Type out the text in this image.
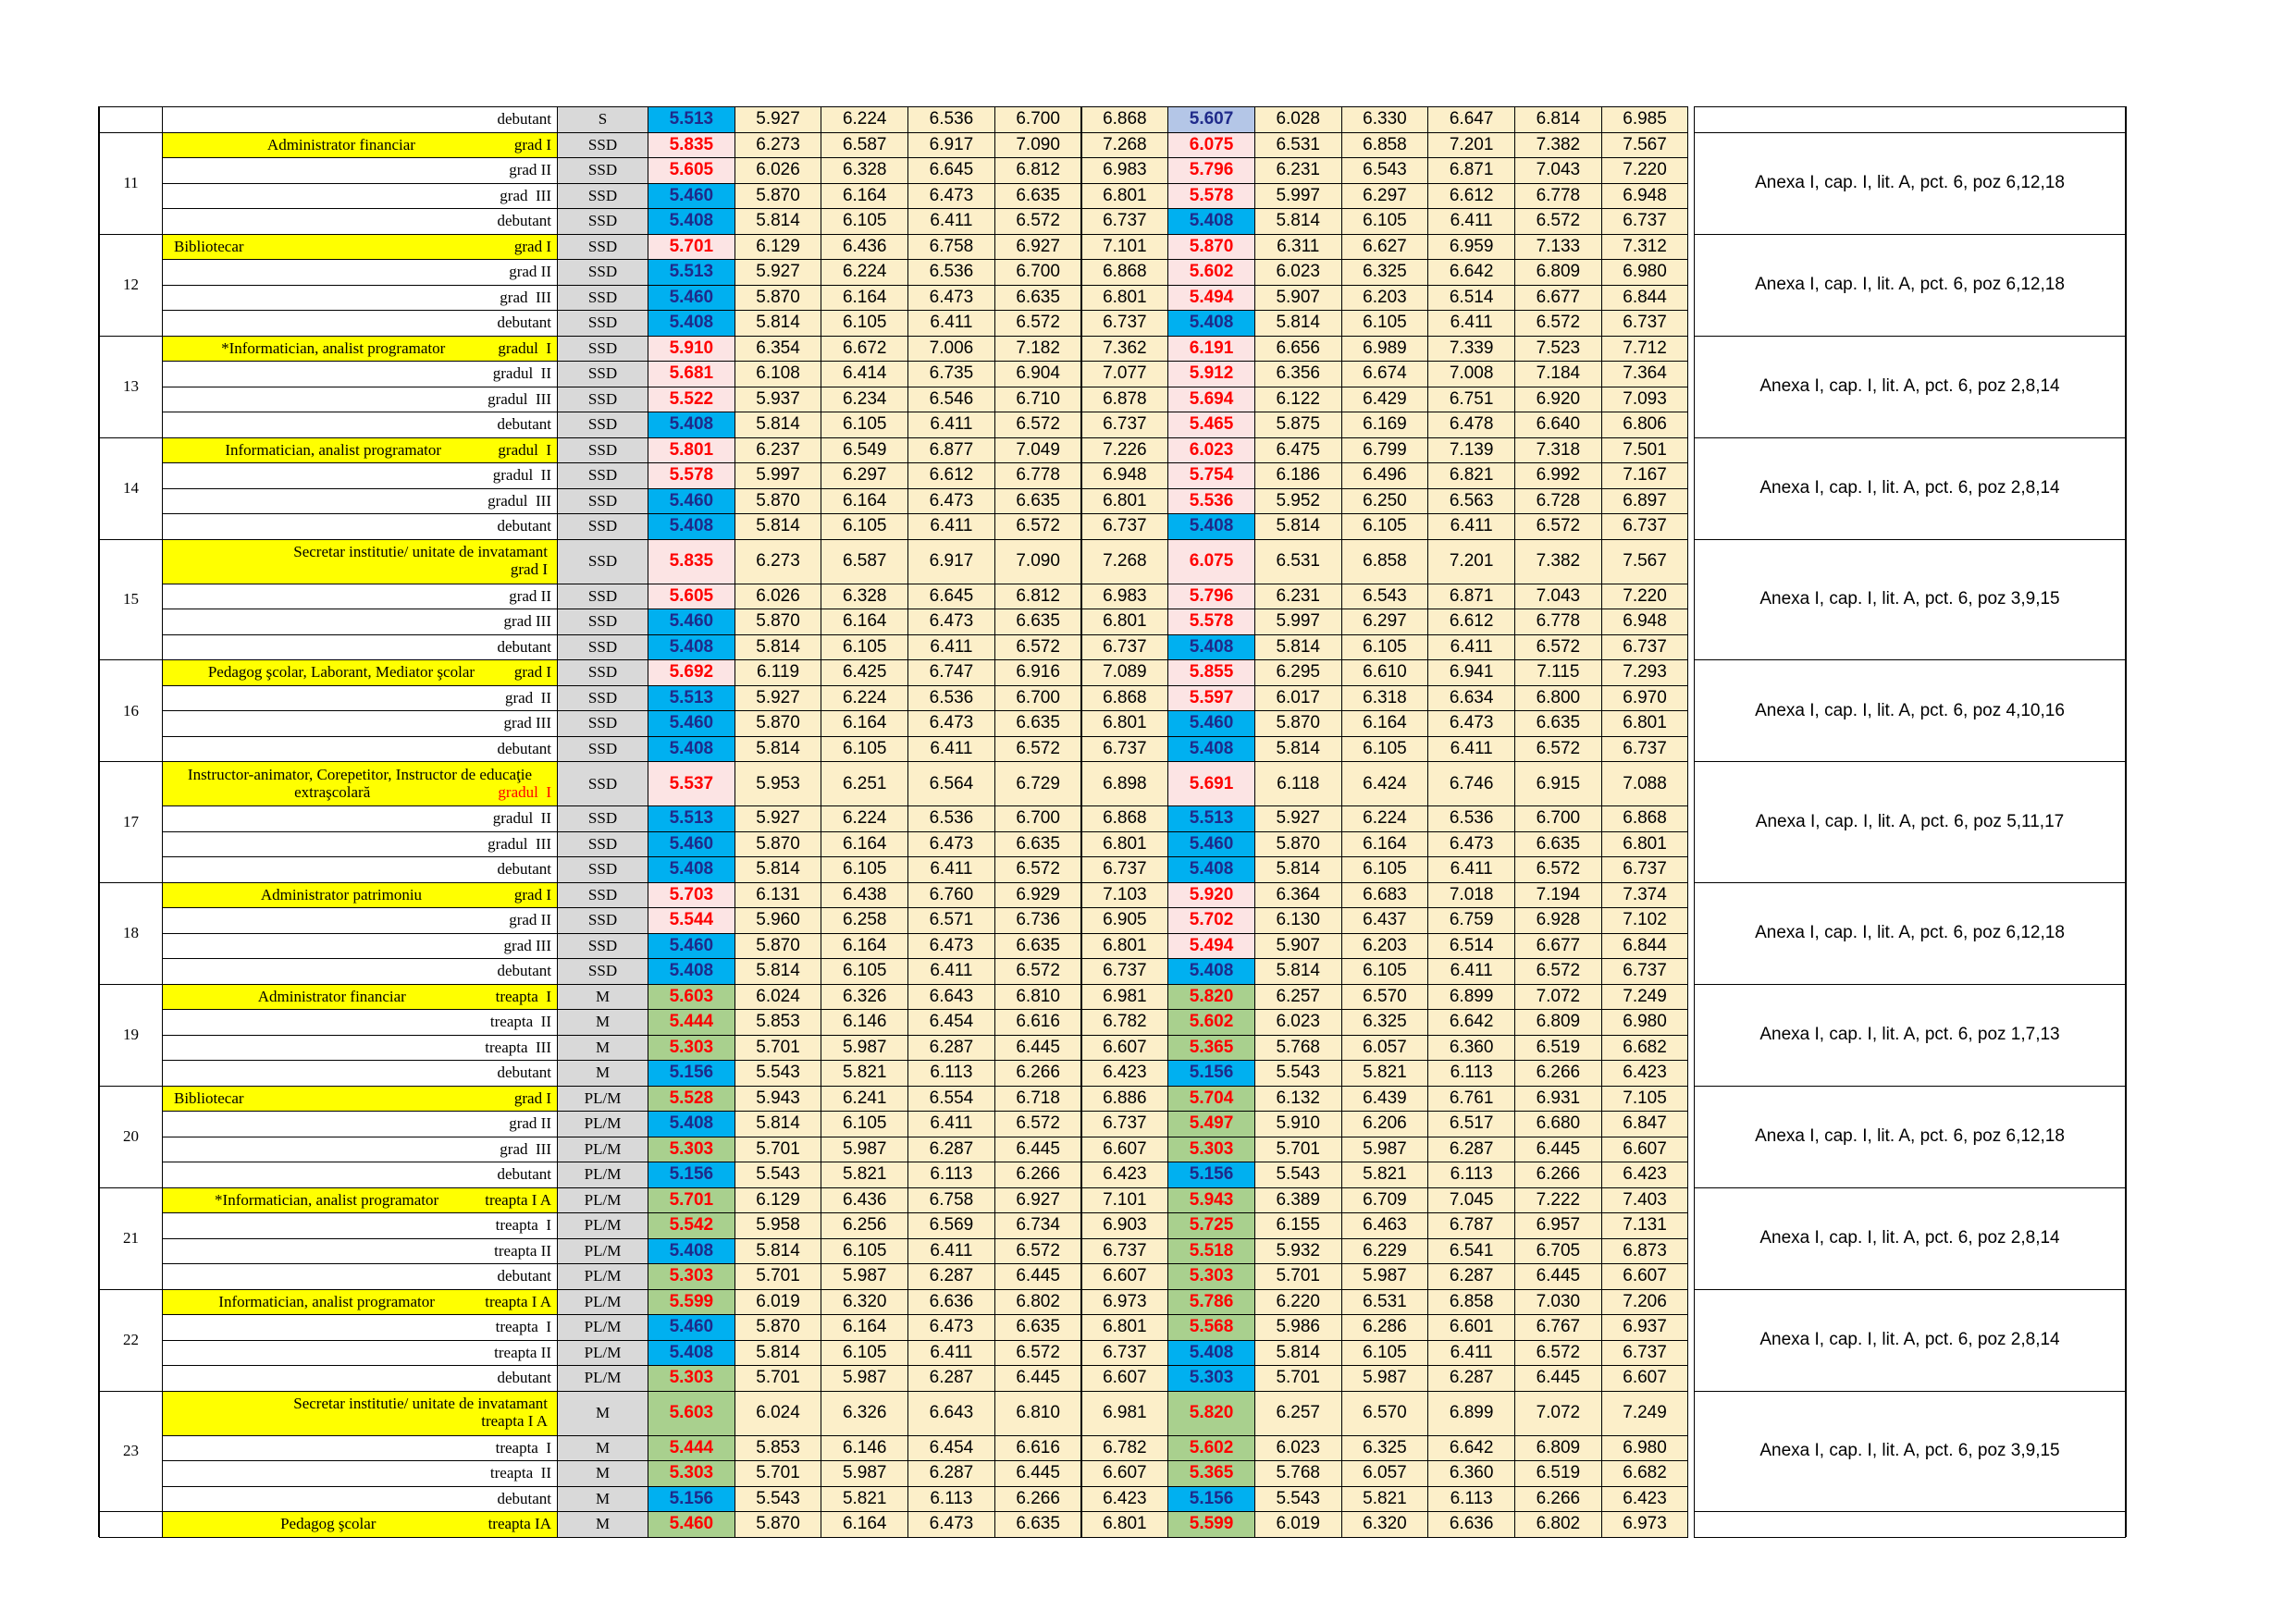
debutant	S	5.513 5.927 6.224 6.536 6.700 6.868 5.607 6.028 6.330 6.647 6.814 6.985
Administrator financiar	grad I SSD	5.835 6.273 6.587 6.917 7.090 7.268 6.075 6.531 6.858 7.201 7.382 7.567
grad II SSD	5.605 6.026 6.328 6.645 6.812 6.983 5.796 6.231 6.543 6.871 7.043 7.220
grad  III SSD	5.460 5.870 6.164 6.473 6.635 6.801 5.578 5.997 6.297 6.612 6.778 6.948
debutant SSD	5.408 5.814 6.105 6.411 6.572 6.737 5.408 5.814 6.105 6.411 6.572 6.737
11	Anexa I, cap. I, lit. A, pct. 6, poz 6,12,18
Bibliotecar	grad I SSD	5.701 6.129 6.436 6.758 6.927 7.101 5.870 6.311 6.627 6.959 7.133 7.312
grad II SSD	5.513 5.927 6.224 6.536 6.700 6.868 5.602 6.023 6.325 6.642 6.809 6.980
grad  III SSD	5.460 5.870 6.164 6.473 6.635 6.801 5.494 5.907 6.203 6.514 6.677 6.844
debutant SSD	5.408 5.814 6.105 6.411 6.572 6.737 5.408 5.814 6.105 6.411 6.572 6.737
12	Anexa I, cap. I, lit. A, pct. 6, poz 6,12,18
*Informatician, analist programator	gradul  I SSD	5.910 6.354 6.672 7.006 7.182 7.362 6.191 6.656 6.989 7.339 7.523 7.712
gradul  II SSD	5.681 6.108 6.414 6.735 6.904 7.077 5.912 6.356 6.674 7.008 7.184 7.364
gradul  III SSD	5.522 5.937 6.234 6.546 6.710 6.878 5.694 6.122 6.429 6.751 6.920 7.093
debutant SSD	5.408 5.814 6.105 6.411 6.572 6.737 5.465 5.875 6.169 6.478 6.640 6.806
13	Anexa I, cap. I, lit. A, pct. 6, poz 2,8,14
Informatician, analist programator	gradul  I SSD	5.801 6.237 6.549 6.877 7.049 7.226 6.023 6.475 6.799 7.139 7.318 7.501
gradul  II SSD	5.578 5.997 6.297 6.612 6.778 6.948 5.754 6.186 6.496 6.821 6.992 7.167
gradul  III SSD	5.460 5.870 6.164 6.473 6.635 6.801 5.536 5.952 6.250 6.563 6.728 6.897
debutant SSD	5.408 5.814 6.105 6.411 6.572 6.737 5.408 5.814 6.105 6.411 6.572 6.737
14	Anexa I, cap. I, lit. A, pct. 6, poz 2,8,14
Secretar institutie/ unitate de invatamant
grad I	SSD	5.835 6.273 6.587 6.917 7.090 7.268 6.075 6.531 6.858 7.201 7.382 7.567
grad II SSD	5.605 6.026 6.328 6.645 6.812 6.983 5.796 6.231 6.543 6.871 7.043 7.220
grad III SSD	5.460 5.870 6.164 6.473 6.635 6.801 5.578 5.997 6.297 6.612 6.778 6.948
debutant SSD	5.408 5.814 6.105 6.411 6.572 6.737 5.408 5.814 6.105 6.411 6.572 6.737
15	Anexa I, cap. I, lit. A, pct. 6, poz 3,9,15
Pedagog şcolar, Laborant, Mediator şcolar	grad I SSD	5.692 6.119 6.425 6.747 6.916 7.089 5.855 6.295 6.610 6.941 7.115 7.293
grad  II SSD	5.513 5.927 6.224 6.536 6.700 6.868 5.597 6.017 6.318 6.634 6.800 6.970
grad III SSD	5.460 5.870 6.164 6.473 6.635 6.801 5.460 5.870 6.164 6.473 6.635 6.801
debutant SSD	5.408 5.814 6.105 6.411 6.572 6.737 5.408 5.814 6.105 6.411 6.572 6.737
16	Anexa I, cap. I, lit. A, pct. 6, poz 4,10,16
Instructor-animator, Corepetitor, Instructor de educaţie
extraşcolară	gradul  I SSD	5.537 5.953 6.251 6.564 6.729 6.898 5.691 6.118 6.424 6.746 6.915 7.088
gradul  II SSD	5.513 5.927 6.224 6.536 6.700 6.868 5.513 5.927 6.224 6.536 6.700 6.868
gradul  III SSD	5.460 5.870 6.164 6.473 6.635 6.801 5.460 5.870 6.164 6.473 6.635 6.801
debutant SSD	5.408 5.814 6.105 6.411 6.572 6.737 5.408 5.814 6.105 6.411 6.572 6.737
17	Anexa I, cap. I, lit. A, pct. 6, poz 5,11,17
Administrator patrimoniu	grad I SSD	5.703 6.131 6.438 6.760 6.929 7.103 5.920 6.364 6.683 7.018 7.194 7.374
grad II SSD	5.544 5.960 6.258 6.571 6.736 6.905 5.702 6.130 6.437 6.759 6.928 7.102
grad III SSD	5.460 5.870 6.164 6.473 6.635 6.801 5.494 5.907 6.203 6.514 6.677 6.844
debutant SSD	5.408 5.814 6.105 6.411 6.572 6.737 5.408 5.814 6.105 6.411 6.572 6.737
18	Anexa I, cap. I, lit. A, pct. 6, poz 6,12,18
Administrator financiar	treapta  I	M	5.603 6.024 6.326 6.643 6.810 6.981 5.820 6.257 6.570 6.899 7.072 7.249
treapta  II	M	5.444 5.853 6.146 6.454 6.616 6.782 5.602 6.023 6.325 6.642 6.809 6.980
treapta  III	M	5.303 5.701 5.987 6.287 6.445 6.607 5.365 5.768 6.057 6.360 6.519 6.682
debutant	M	5.156 5.543 5.821 6.113 6.266 6.423 5.156 5.543 5.821 6.113 6.266 6.423
19	Anexa I, cap. I, lit. A, pct. 6, poz 1,7,13
Bibliotecar	grad I PL/M	5.528 5.943 6.241 6.554 6.718 6.886 5.704 6.132 6.439 6.761 6.931 7.105
grad II PL/M	5.408 5.814 6.105 6.411 6.572 6.737 5.497 5.910 6.206 6.517 6.680 6.847
grad  III PL/M	5.303 5.701 5.987 6.287 6.445 6.607 5.303 5.701 5.987 6.287 6.445 6.607
debutant PL/M	5.156 5.543 5.821 6.113 6.266 6.423 5.156 5.543 5.821 6.113 6.266 6.423
20	Anexa I, cap. I, lit. A, pct. 6, poz 6,12,18
*Informatician, analist programator	treapta I A PL/M	5.701 6.129 6.436 6.758 6.927 7.101 5.943 6.389 6.709 7.045 7.222 7.403
treapta  I PL/M	5.542 5.958 6.256 6.569 6.734 6.903 5.725 6.155 6.463 6.787 6.957 7.131
treapta II PL/M	5.408 5.814 6.105 6.411 6.572 6.737 5.518 5.932 6.229 6.541 6.705 6.873
debutant PL/M	5.303 5.701 5.987 6.287 6.445 6.607 5.303 5.701 5.987 6.287 6.445 6.607
21	Anexa I, cap. I, lit. A, pct. 6, poz 2,8,14
Informatician, analist programator	treapta I A PL/M	5.599 6.019 6.320 6.636 6.802 6.973 5.786 6.220 6.531 6.858 7.030 7.206
treapta  I PL/M	5.460 5.870 6.164 6.473 6.635 6.801 5.568 5.986 6.286 6.601 6.767 6.937
treapta II PL/M	5.408 5.814 6.105 6.411 6.572 6.737 5.408 5.814 6.105 6.411 6.572 6.737
debutant PL/M	5.303 5.701 5.987 6.287 6.445 6.607 5.303 5.701 5.987 6.287 6.445 6.607
22	Anexa I, cap. I, lit. A, pct. 6, poz 2,8,14
Secretar institutie/ unitate de invatamant
treapta I A	M	5.603 6.024 6.326 6.643 6.810 6.981 5.820 6.257 6.570 6.899 7.072 7.249
treapta  I	M	5.444 5.853 6.146 6.454 6.616 6.782 5.602 6.023 6.325 6.642 6.809 6.980
treapta  II	M	5.303 5.701 5.987 6.287 6.445 6.607 5.365 5.768 6.057 6.360 6.519 6.682
debutant	M	5.156 5.543 5.821 6.113 6.266 6.423 5.156 5.543 5.821 6.113 6.266 6.423
23	Anexa I, cap. I, lit. A, pct. 6, poz 3,9,15
Pedagog şcolar	treapta IA	M	5.460 5.870 6.164 6.473 6.635 6.801 5.599 6.019 6.320 6.636 6.802 6.973
